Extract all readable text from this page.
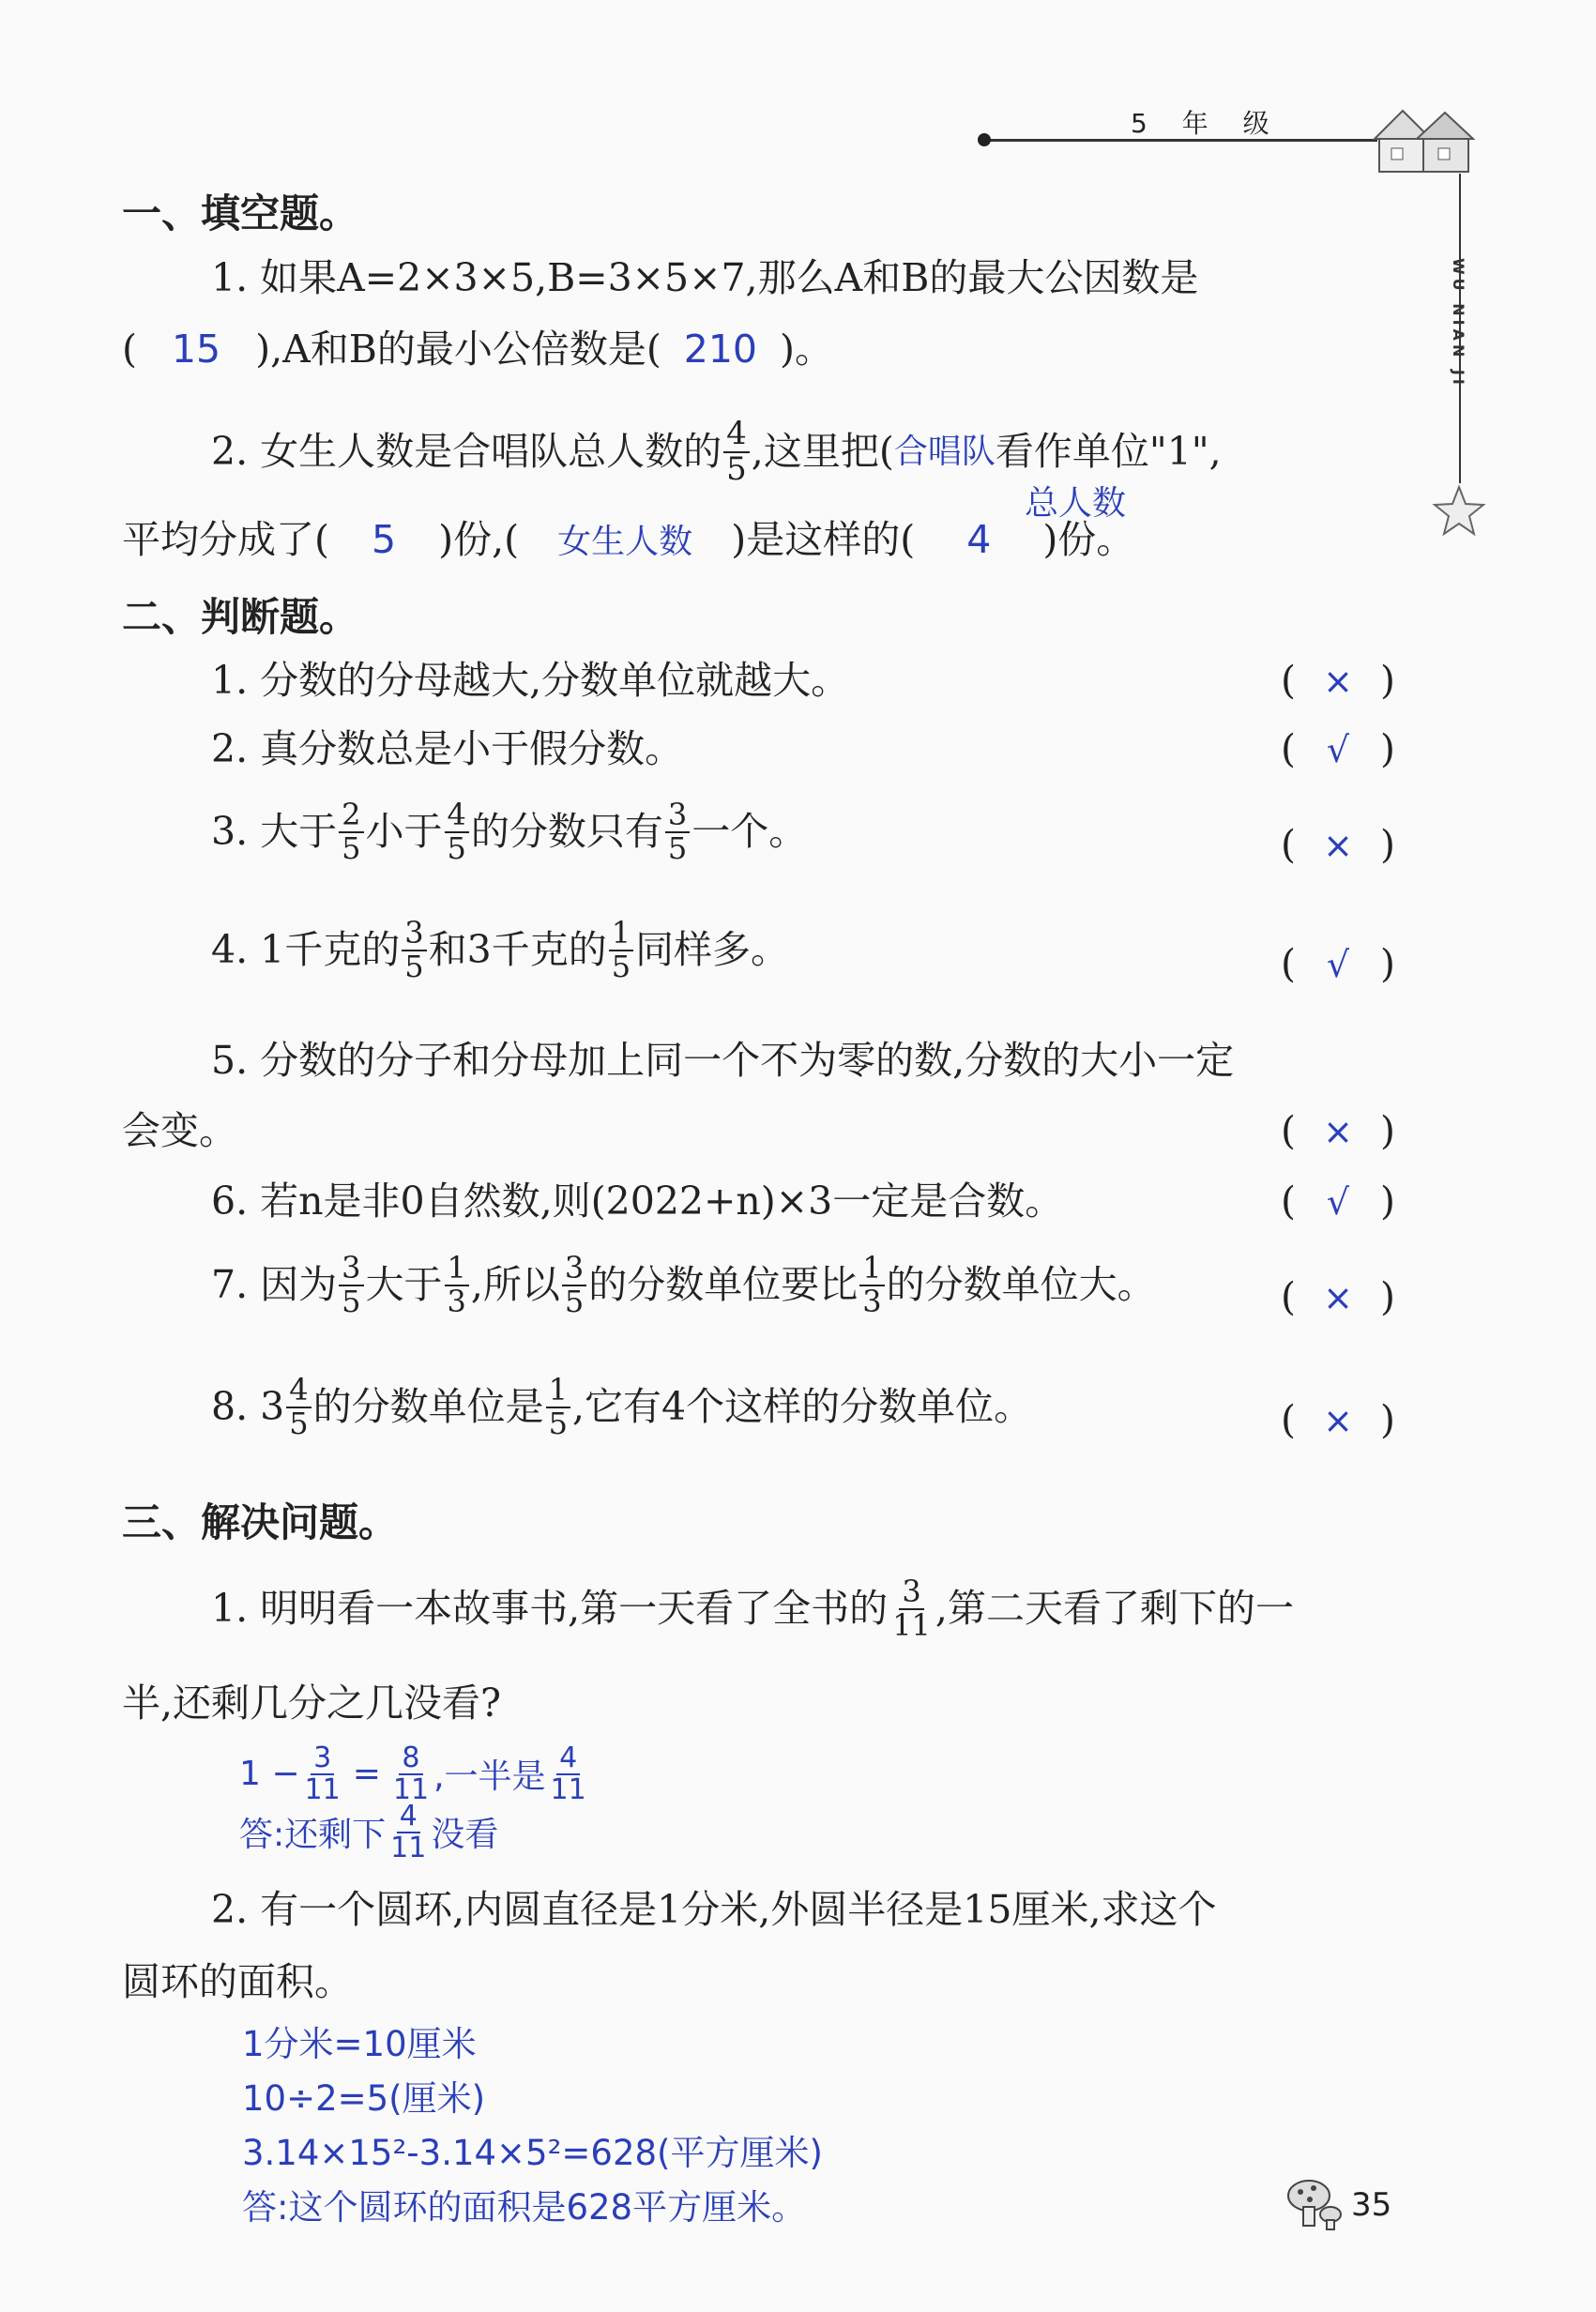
5 年 级
WU NIAN JI
一、填空题。
1. 如果A=2×3×5,B=3×5×7,那么A和B的最大公因数是
( 15 ),A和B的最小公倍数是( 210 )。
2. 女生人数是合唱队总人数的 $\frac{4}{5}$ ,这里把( 合唱队 看作单位"1",
总人数
平均分成了( 5 )份,( 女生人数 )是这样的( 4 )份。
二、判断题。
1. 分数的分母越大,分数单位就越大。	( × )
2. 真分数总是小于假分数。	( √ )
3. 大于 $\frac{2}{5}$ 小于 $\frac{4}{5}$ 的分数只有 $\frac{3}{5}$ 一个。	( × )
4. 1千克的 $\frac{3}{5}$ 和3千克的 $\frac{1}{5}$ 同样多。	( √ )
5. 分数的分子和分母加上同一个不为零的数,分数的大小一定
会变。	( × )
6. 若n是非0自然数,则(2022+n)×3一定是合数。	( √ )
7. 因为 $\frac{3}{5}$ 大于 $\frac{1}{3}$ ,所以 $\frac{3}{5}$ 的分数单位要比 $\frac{1}{3}$ 的分数单位大。	( × )
8. $3 \frac{4}{5}$ 的分数单位是 $\frac{1}{5}$ ,它有4个这样的分数单位。	( × )
三、解决问题。
1. 明明看一本故事书,第一天看了全书的 $\frac{3}{11}$ ,第二天看了剩下的一
半,还剩几分之几没看?
$1 - \frac{3}{11} = \frac{8}{11}$ ,一半是 $\frac{4}{11}$
答:还剩下 $\frac{4}{11}$ 没看
2. 有一个圆环,内圆直径是1分米,外圆半径是15厘米,求这个
圆环的面积。
1分米=10厘米
10÷2=5(厘米)
3.14×15²-3.14×5²=628(平方厘米)
答:这个圆环的面积是628平方厘米。	35
